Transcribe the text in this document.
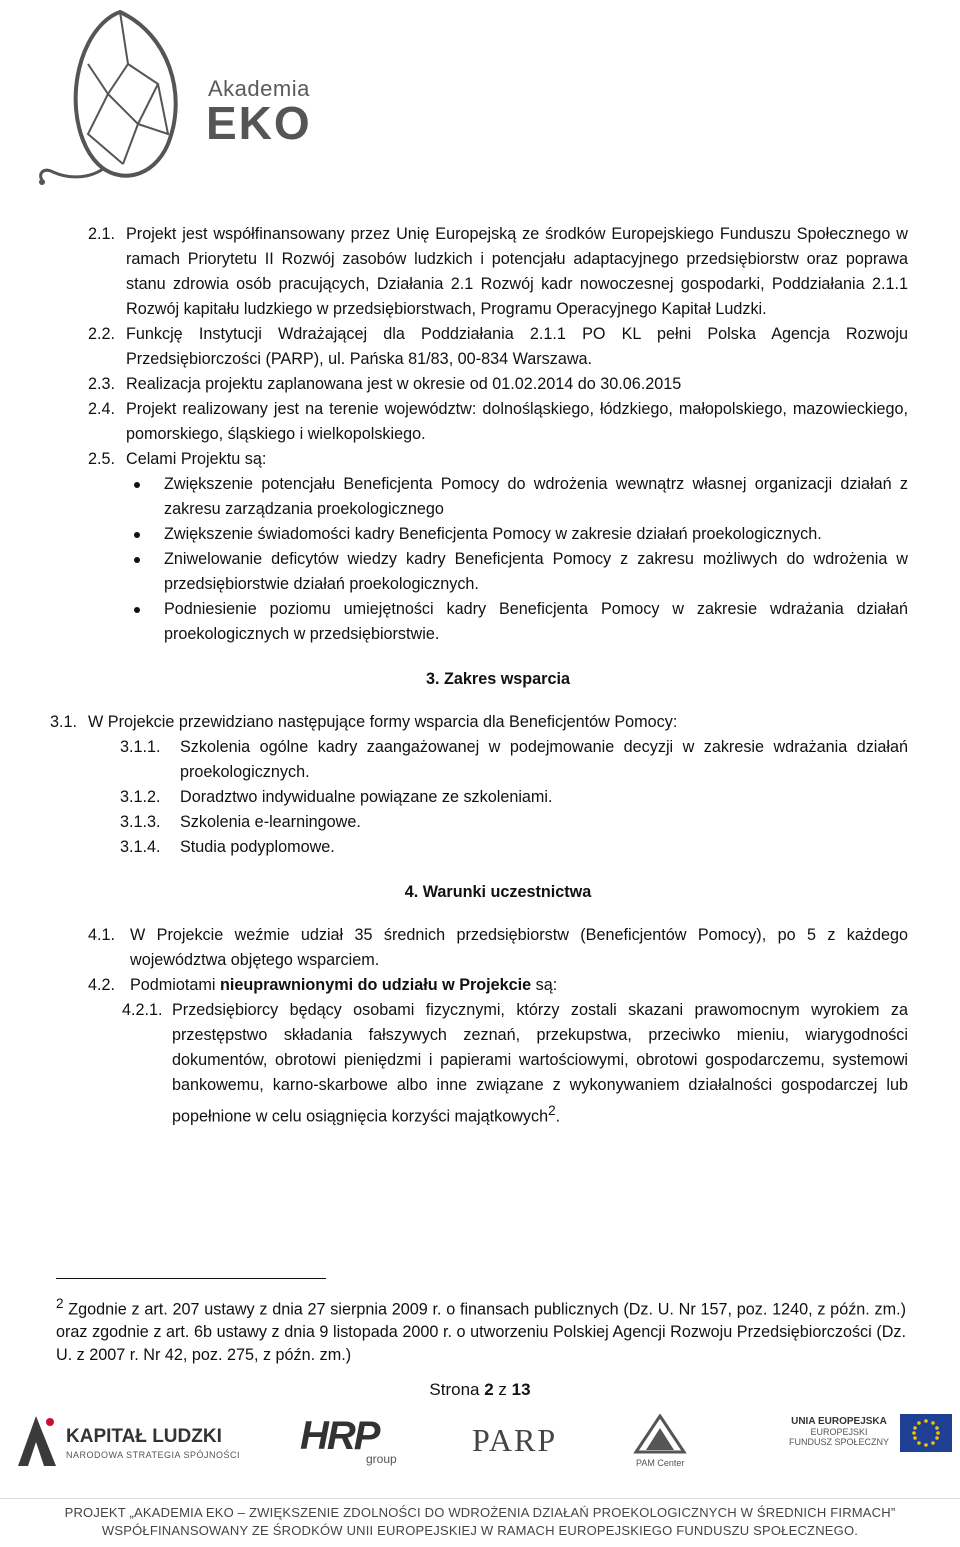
Akademia
EKO
2.1. Projekt jest współfinansowany przez Unię Europejską ze środków Europejskiego Funduszu Społecznego w ramach Priorytetu II Rozwój zasobów ludzkich i potencjału adaptacyjnego przedsiębiorstw oraz poprawa stanu zdrowia osób pracujących, Działania 2.1 Rozwój kadr nowoczesnej gospodarki, Poddziałania 2.1.1 Rozwój kapitału ludzkiego w przedsiębiorstwach, Programu Operacyjnego Kapitał Ludzki.
2.2. Funkcję Instytucji Wdrażającej dla Poddziałania 2.1.1 PO KL pełni Polska Agencja Rozwoju Przedsiębiorczości (PARP), ul. Pańska 81/83, 00-834 Warszawa.
2.3. Realizacja projektu zaplanowana jest w okresie od 01.02.2014 do 30.06.2015
2.4. Projekt realizowany jest na terenie województw: dolnośląskiego, łódzkiego, małopolskiego, mazowieckiego, pomorskiego, śląskiego i wielkopolskiego.
2.5. Celami Projektu są:
Zwiększenie potencjału Beneficjenta Pomocy do wdrożenia wewnątrz własnej organizacji działań z zakresu zarządzania proekologicznego
Zwiększenie świadomości kadry Beneficjenta Pomocy w zakresie działań proekologicznych.
Zniwelowanie deficytów wiedzy kadry Beneficjenta Pomocy z zakresu możliwych do wdrożenia w przedsiębiorstwie działań proekologicznych.
Podniesienie poziomu umiejętności kadry Beneficjenta Pomocy w zakresie wdrażania działań proekologicznych w przedsiębiorstwie.
3. Zakres wsparcia
3.1. W Projekcie przewidziano następujące formy wsparcia dla Beneficjentów Pomocy:
3.1.1. Szkolenia ogólne kadry zaangażowanej w podejmowanie decyzji w zakresie wdrażania działań proekologicznych.
3.1.2. Doradztwo indywidualne powiązane ze szkoleniami.
3.1.3. Szkolenia e-learningowe.
3.1.4. Studia podyplomowe.
4. Warunki uczestnictwa
4.1. W Projekcie weźmie udział 35 średnich przedsiębiorstw (Beneficjentów Pomocy), po 5 z każdego województwa objętego wsparciem.
4.2. Podmiotami nieuprawnionymi do udziału w Projekcie są:
4.2.1. Przedsiębiorcy będący osobami fizycznymi, którzy zostali skazani prawomocnym wyrokiem za przestępstwo składania fałszywych zeznań, przekupstwa, przeciwko mieniu, wiarygodności dokumentów, obrotowi pieniędzmi i papierami wartościowymi, obrotowi gospodarczemu, systemowi bankowemu, karno-skarbowe albo inne związane z wykonywaniem działalności gospodarczej lub popełnione w celu osiągnięcia korzyści majątkowych$^2$.
$^2$ Zgodnie z art. 207 ustawy z dnia 27 sierpnia 2009 r. o finansach publicznych (Dz. U. Nr 157, poz. 1240, z późn. zm.) oraz zgodnie z art. 6b ustawy z dnia 9 listopada 2000 r. o utworzeniu Polskiej Agencji Rozwoju Przedsiębiorczości (Dz. U. z 2007 r. Nr 42, poz. 275, z późn. zm.)
Strona 2 z 13
KAPITAŁ LUDZKI
NARODOWA STRATEGIA SPÓJNOŚCI HRP
group
PARP
PAM Center
UNIA EUROPEJSKA
EUROPEJSKI
FUNDUSZ SPOŁECZNY
PROJEKT „AKADEMIA EKO – ZWIĘKSZENIE ZDOLNOŚCI DO WDROŻENIA DZIAŁAŃ PROEKOLOGICZNYCH W ŚREDNICH FIRMACH”
WSPÓŁFINANSOWANY ZE ŚRODKÓW UNII EUROPEJSKIEJ W RAMACH EUROPEJSKIEGO FUNDUSZU SPOŁECZNEGO.
